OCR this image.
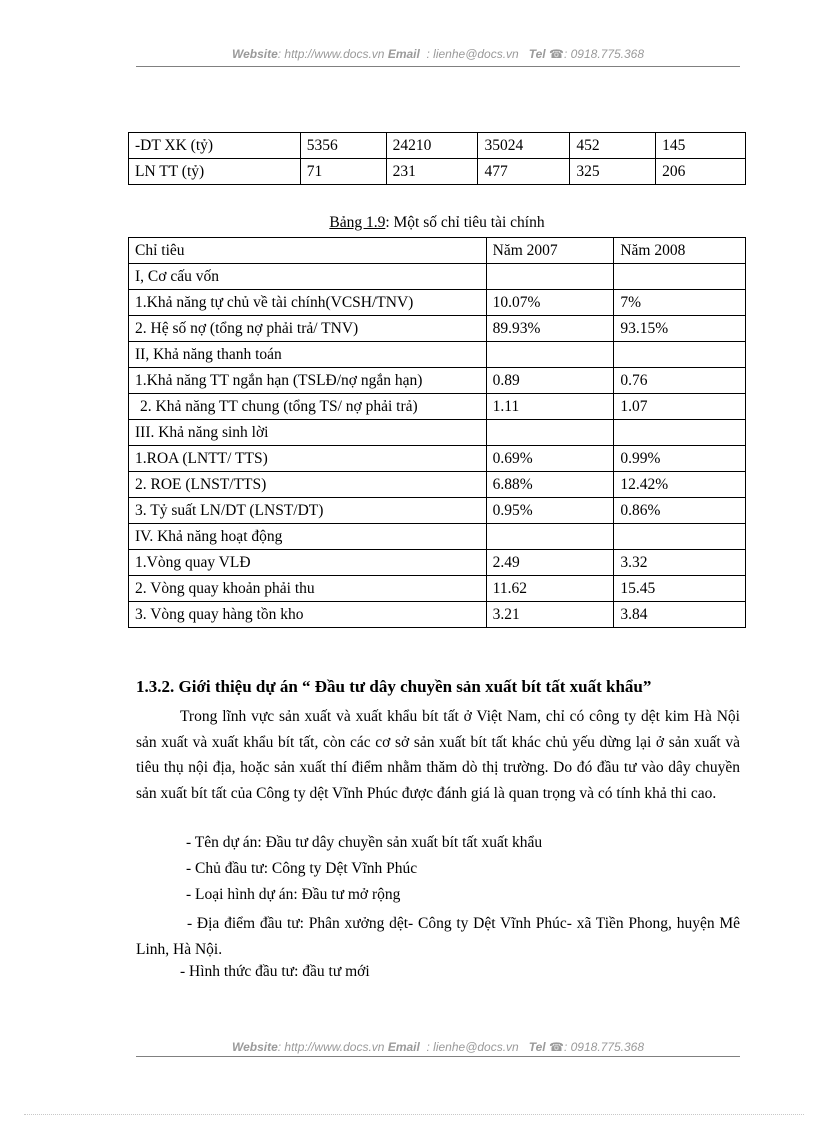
Website: http://www.docs.vn Email : lienhe@docs.vn Tel ☎: 0918.775.368
-DT XK (tỷ)	5356	24210	35024	452	145
LN TT (tỷ)	71	231	477	325	206
Bảng 1.9: Một số chỉ tiêu tài chính
Chỉ tiêu	Năm 2007	Năm 2008
I, Cơ cấu vốn		
1.Khả năng tự chủ về tài chính(VCSH/TNV)	10.07%	7%
2. Hệ số nợ (tổng nợ phải trả/ TNV)	89.93%	93.15%
II, Khả năng thanh toán		
1.Khả năng TT ngắn hạn (TSLĐ/nợ ngắn hạn)	0.89	0.76
2. Khả năng TT chung (tổng TS/ nợ phải trả)	1.11	1.07
III. Khả năng sinh lời		
1.ROA (LNTT/ TTS)	0.69%	0.99%
2. ROE (LNST/TTS)	6.88%	12.42%
3. Tỷ suất LN/DT (LNST/DT)	0.95%	0.86%
IV. Khả năng hoạt động		
1.Vòng quay VLĐ	2.49	3.32
2. Vòng quay khoản phải thu	11.62	15.45
3. Vòng quay hàng tồn kho	3.21	3.84
1.3.2. Giới thiệu dự án “ Đầu tư dây chuyền sản xuất bít tất xuất khẩu”
Trong lĩnh vực sản xuất và xuất khẩu bít tất ở Việt Nam, chỉ có công ty dệt kim Hà Nội sản xuất và xuất khẩu bít tất, còn các cơ sở sản xuất bít tất khác chủ yếu dừng lại ở sản xuất và tiêu thụ nội địa, hoặc sản xuất thí điểm nhằm thăm dò thị trường. Do đó đầu tư vào dây chuyền sản xuất bít tất của Công ty dệt Vĩnh Phúc được đánh giá là quan trọng và có tính khả thi cao.
- Tên dự án: Đầu tư dây chuyền sản xuất bít tất xuất khẩu
- Chủ đầu tư: Công ty Dệt Vĩnh Phúc
- Loại hình dự án: Đầu tư mở rộng
- Địa điểm đầu tư: Phân xưởng dệt- Công ty Dệt Vĩnh Phúc- xã Tiền Phong, huyện Mê Linh, Hà Nội.
- Hình thức đầu tư: đầu tư mới
Website: http://www.docs.vn Email : lienhe@docs.vn Tel ☎: 0918.775.368
